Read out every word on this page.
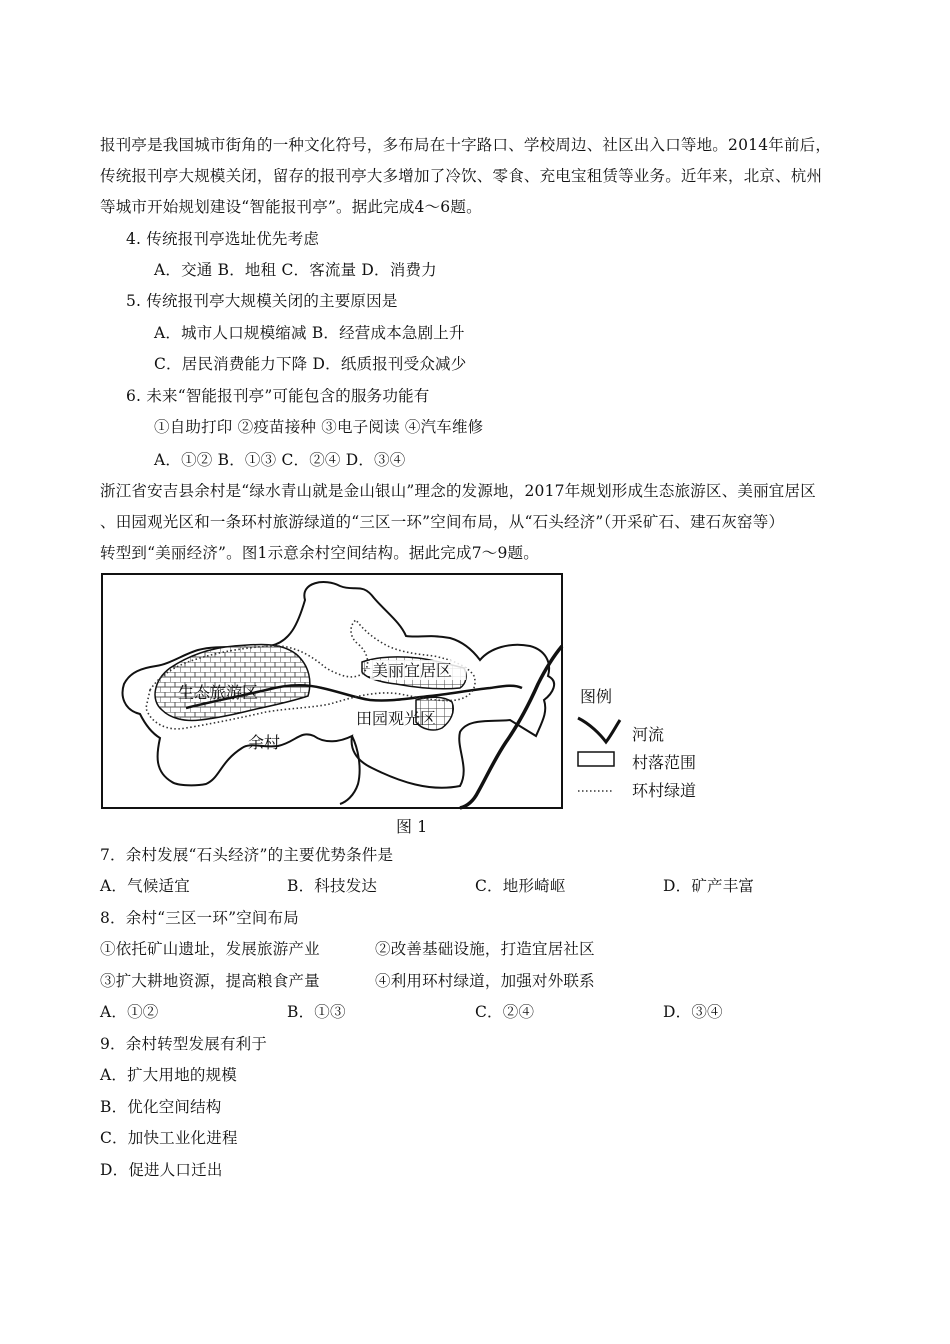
报刊亭是我国城市街角的一种文化符号，多布局在十字路口、学校周边、社区出入口等地。2014年前后，
传统报刊亭大规模关闭，留存的报刊亭大多增加了冷饮、零食、充电宝租赁等业务。近年来，北京、杭州
等城市开始规划建设“智能报刊亭”。据此完成4～6题。
4. 传统报刊亭选址优先考虑
A．交通 B．地租 C．客流量 D．消费力
5. 传统报刊亭大规模关闭的主要原因是
A．城市人口规模缩减 B．经营成本急剧上升
C．居民消费能力下降 D．纸质报刊受众减少
6. 未来“智能报刊亭”可能包含的服务功能有
①自助打印 ②疫苗接种 ③电子阅读 ④汽车维修
A．①② B．①③ C．②④ D．③④
浙江省安吉县余村是“绿水青山就是金山银山”理念的发源地，2017年规划形成生态旅游区、美丽宜居区
、田园观光区和一条环村旅游绿道的“三区一环”空间布局，从“石头经济”（开采矿石、建石灰窑等）
转型到“美丽经济”。图1示意余村空间结构。据此完成7～9题。
生态旅游区
美丽宜居区
田园观光区
余村
图例
河流
村落范围
环村绿道
图 1
7．余村发展“石头经济”的主要优势条件是
A．气候适宜	B．科技发达	C．地形崎岖	D．矿产丰富
8．余村“三区一环”空间布局
①依托矿山遗址，发展旅游产业	②改善基础设施，打造宜居社区
③扩大耕地资源，提高粮食产量	④利用环村绿道，加强对外联系
A．①②	B．①③	C．②④	D．③④
9．余村转型发展有利于
A．扩大用地的规模
B．优化空间结构
C．加快工业化进程
D．促进人口迁出
